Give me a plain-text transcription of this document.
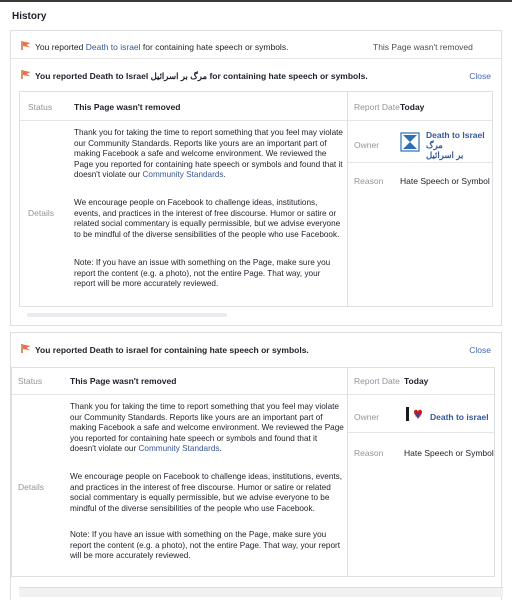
History
You reported Death to israel for containing hate speech or symbols.	This Page wasn't removed
You reported Death to Israel مرگ بر اسرائیل for containing hate speech or symbols.	Close
Status	This Page wasn't removed
Details
Thank you for taking the time to report something that you feel may violate our Community Standards. Reports like yours are an important part of making Facebook a safe and welcome environment. We reviewed the Page you reported for containing hate speech or symbols and found that it doesn't violate our Community Standards.
We encourage people on Facebook to challenge ideas, institutions, events, and practices in the interest of free discourse. Humor or satire or related social commentary is equally permissible, but we advise everyone to be mindful of the diverse sensibilities of the people who use Facebook.
Note: If you have an issue with something on the Page, make sure you report the content (e.g. a photo), not the entire Page. That way, your report will be more accurately reviewed.
Report Date Today
Owner
Death to Israel مرگ
بر اسرائیل
Reason Hate Speech or Symbol
You reported Death to israel for containing hate speech or symbols.	Close
Status	This Page wasn't removed
Details
Thank you for taking the time to report something that you feel may violate our Community Standards. Reports like yours are an important part of making Facebook a safe and welcome environment. We reviewed the Page you reported for containing hate speech or symbols and found that it doesn't violate our Community Standards.
We encourage people on Facebook to challenge ideas, institutions, events, and practices in the interest of free discourse. Humor or satire or related social commentary is equally permissible, but we advise everyone to be mindful of the diverse sensibilities of the people who use Facebook.
Note: If you have an issue with something on the Page, make sure you report the content (e.g. a photo), not the entire Page. That way, your report will be more accurately reviewed.
Report Date Today
Owner	Death to israel
Reason Hate Speech or Symbol
